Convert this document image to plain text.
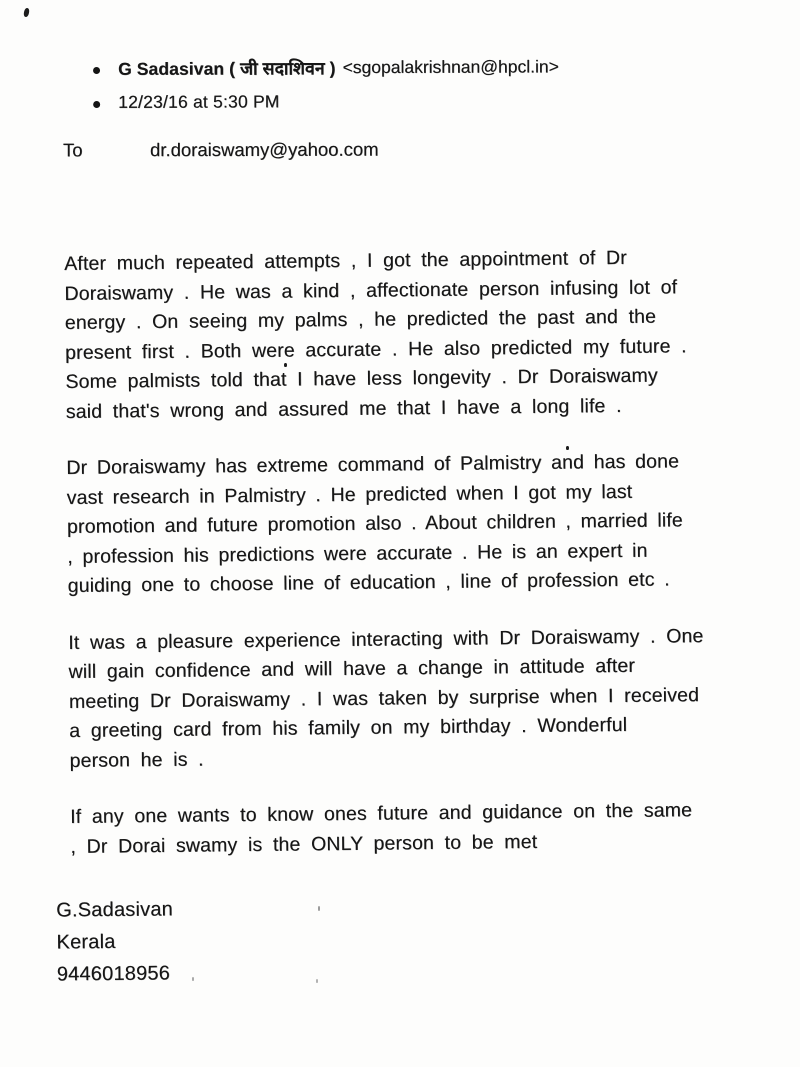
G Sadasivan ( जी सदाशिवन ) <sgopalakrishnan@hpcl.in>
12/23/16 at 5:30 PM
To	dr.doraiswamy@yahoo.com
After much repeated attempts , I got the appointment of Dr
Doraiswamy . He was a kind , affectionate person infusing lot of
energy . On seeing my palms , he predicted the past and the
present first . Both were accurate . He also predicted my future .
Some palmists told that I have less longevity . Dr Doraiswamy
said that's wrong and assured me that I have a long life .
Dr Doraiswamy has extreme command of Palmistry and has done
vast research in Palmistry . He predicted when I got my last
promotion and future promotion also . About children , married life
, profession his predictions were accurate . He is an expert in
guiding one to choose line of education , line of profession etc .
It was a pleasure experience interacting with Dr Doraiswamy . One
will gain confidence and will have a change in attitude after
meeting Dr Doraiswamy . I was taken by surprise when I received
a greeting card from his family on my birthday . Wonderful
person he is .
If any one wants to know ones future and guidance on the same
, Dr Dorai swamy is the ONLY person to be met
G.Sadasivan
Kerala
9446018956
